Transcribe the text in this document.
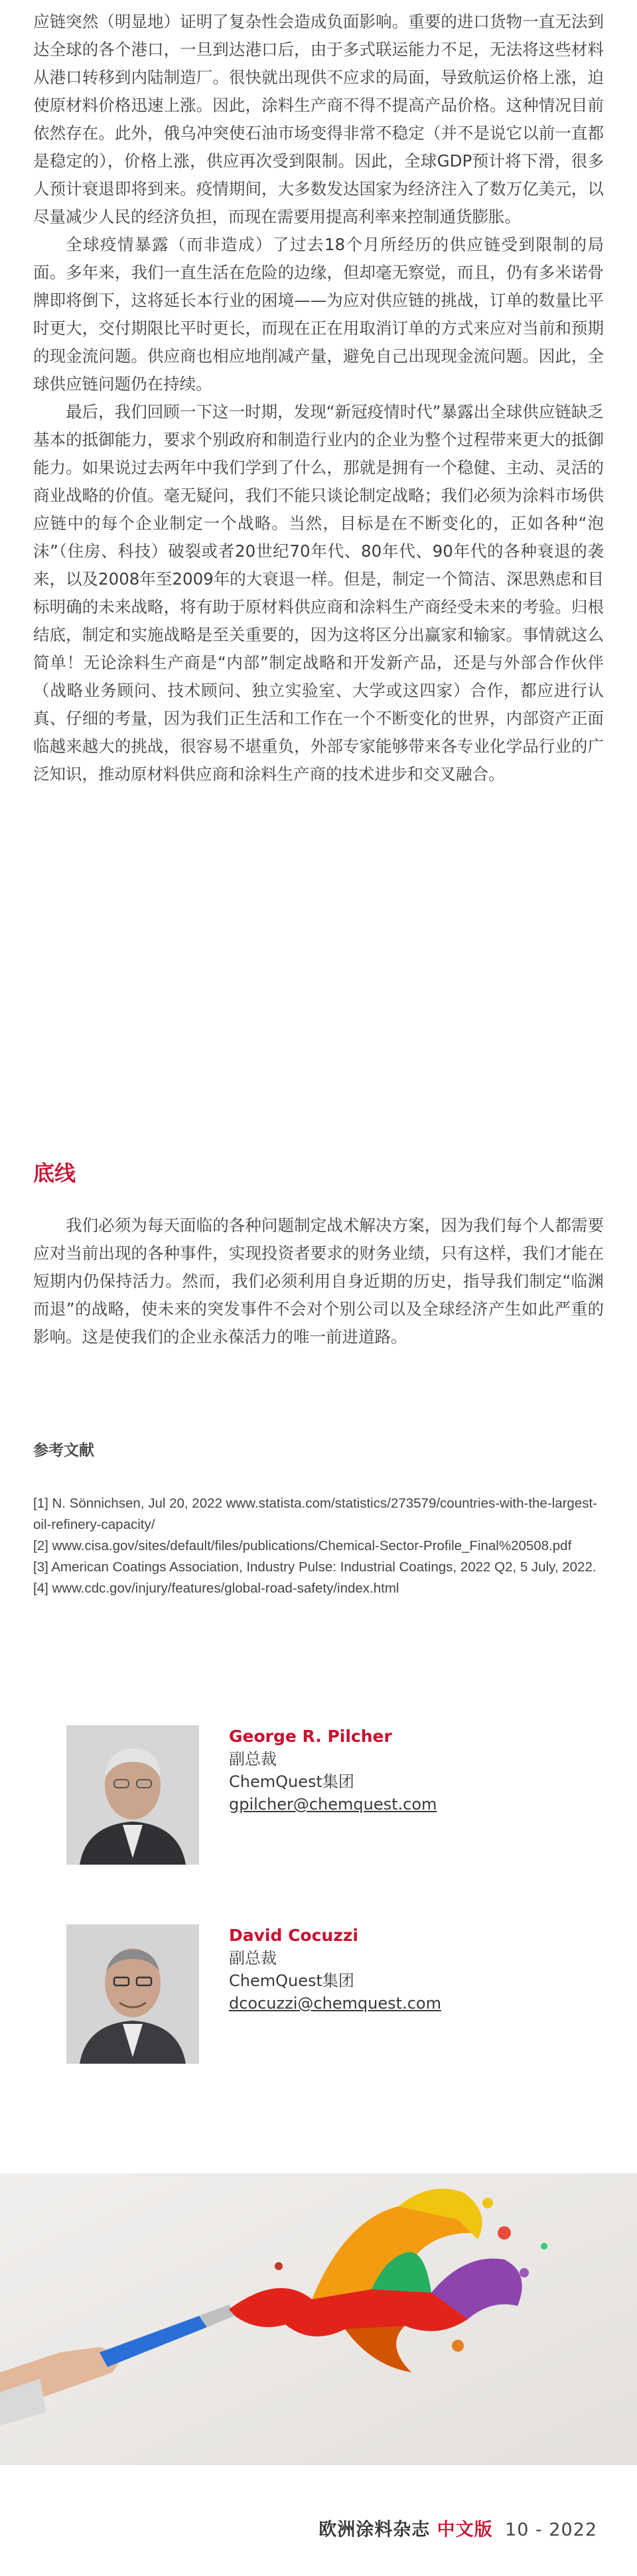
应链突然（明显地）证明了复杂性会造成负面影响。重要的进口货物一直无法到达全球的各个港口，一旦到达港口后，由于多式联运能力不足，无法将这些材料从港口转移到内陆制造厂。很快就出现供不应求的局面，导致航运价格上涨，迫使原材料价格迅速上涨。因此，涂料生产商不得不提高产品价格。这种情况目前依然存在。此外，俄乌冲突使石油市场变得非常不稳定（并不是说它以前一直都是稳定的），价格上涨，供应再次受到限制。因此，全球GDP预计将下滑，很多人预计衰退即将到来。疫情期间，大多数发达国家为经济注入了数万亿美元，以尽量减少人民的经济负担，而现在需要用提高利率来控制通货膨胀。

全球疫情暴露（而非造成）了过去18个月所经历的供应链受到限制的局面。多年来，我们一直生活在危险的边缘，但却毫无察觉，而且，仍有多米诺骨牌即将倒下，这将延长本行业的困境——为应对供应链的挑战，订单的数量比平时更大，交付期限比平时更长，而现在正在用取消订单的方式来应对当前和预期的现金流问题。供应商也相应地削减产量，避免自己出现现金流问题。因此，全球供应链问题仍在持续。

最后，我们回顾一下这一时期，发现“新冠疫情时代”暴露出全球供应链缺乏基本的抵御能力，要求个别政府和制造行业内的企业为整个过程带来更大的抵御能力。如果说过去两年中我们学到了什么，那就是拥有一个稳健、主动、灵活的商业战略的价值。毫无疑问，我们不能只谈论制定战略；我们必须为涂料市场供应链中的每个企业制定一个战略。当然，目标是在不断变化的，正如各种“泡沫”（住房、科技）破裂或者20世纪70年代、80年代、90年代的各种衰退的袭来，以及2008年至2009年的大衰退一样。但是，制定一个简洁、深思熟虑和目标明确的未来战略，将有助于原材料供应商和涂料生产商经受未来的考验。归根结底，制定和实施战略是至关重要的，因为这将区分出赢家和输家。事情就这么简单！无论涂料生产商是“内部”制定战略和开发新产品，还是与外部合作伙伴（战略业务顾问、技术顾问、独立实验室、大学或这四家）合作，都应进行认真、仔细的考量，因为我们正生活和工作在一个不断变化的世界，内部资产正面临越来越大的挑战，很容易不堪重负，外部专家能够带来各专业化学品行业的广泛知识，推动原材料供应商和涂料生产商的技术进步和交叉融合。

底线

我们必须为每天面临的各种问题制定战术解决方案，因为我们每个人都需要应对当前出现的各种事件，实现投资者要求的财务业绩，只有这样，我们才能在短期内仍保持活力。然而，我们必须利用自身近期的历史，指导我们制定“临渊而退”的战略，使未来的突发事件不会对个别公司以及全球经济产生如此严重的影响。这是使我们的企业永葆活力的唯一前进道路。

参考文献

[1] N. Sönnichsen, Jul 20, 2022 www.statista.com/statistics/273579/countries-with-the-largest-oil-refinery-capacity/

[2] www.cisa.gov/sites/default/files/publications/Chemical-Sector-Profile_Final%20508.pdf

[3] American Coatings Association, Industry Pulse: Industrial Coatings, 2022 Q2, 5 July, 2022.

[4] www.cdc.gov/injury/features/global-road-safety/index.html

George R. Pilcher
副总裁
ChemQuest集团
gpilcher@chemquest.com
David Cocuzzi
副总裁
ChemQuest集团
dcocuzzi@chemquest.com
欧洲涂料杂志 中文版 10 - 2022
